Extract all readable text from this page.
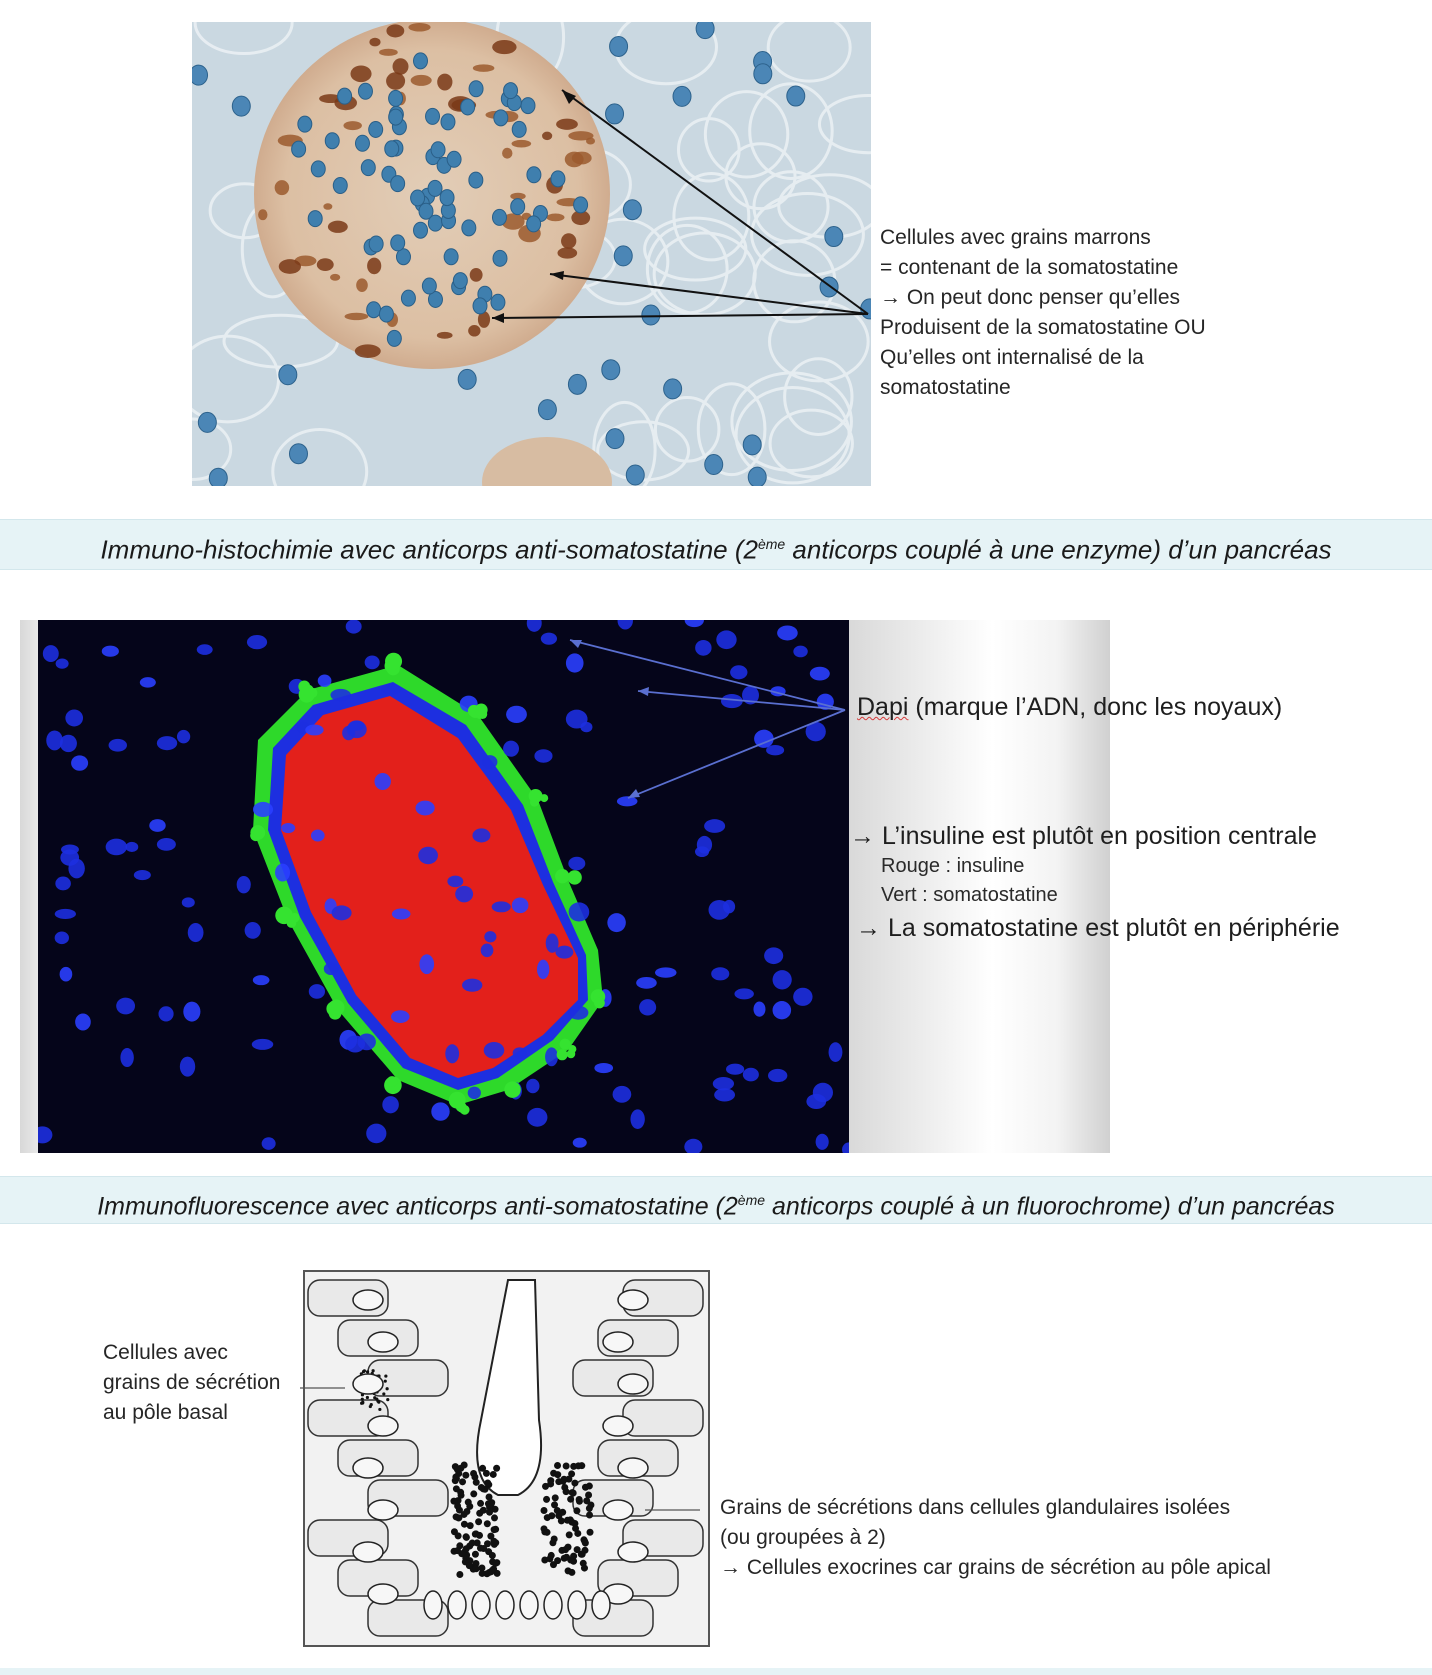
Cellules avec grains marrons
= contenant de la somatostatine
→ On peut donc penser qu’elles
Produisent de la somatostatine OU
Qu’elles ont internalisé de la
somatostatine
Immuno-histochimie avec anticorps anti-somatostatine (2ème anticorps couplé à une enzyme) d’un pancréas
Dapi (marque l’ADN, donc les noyaux)
→ L’insuline est plutôt en position centrale
Rouge : insuline
Vert : somatostatine
→ La somatostatine est plutôt en périphérie
Immunofluorescence avec anticorps anti-somatostatine (2ème anticorps couplé à un fluorochrome) d’un pancréas
Cellules avec
grains de sécrétion
au pôle basal
Grains de sécrétions dans cellules glandulaires isolées
(ou groupées à 2)
→ Cellules exocrines car grains de sécrétion au pôle apical
